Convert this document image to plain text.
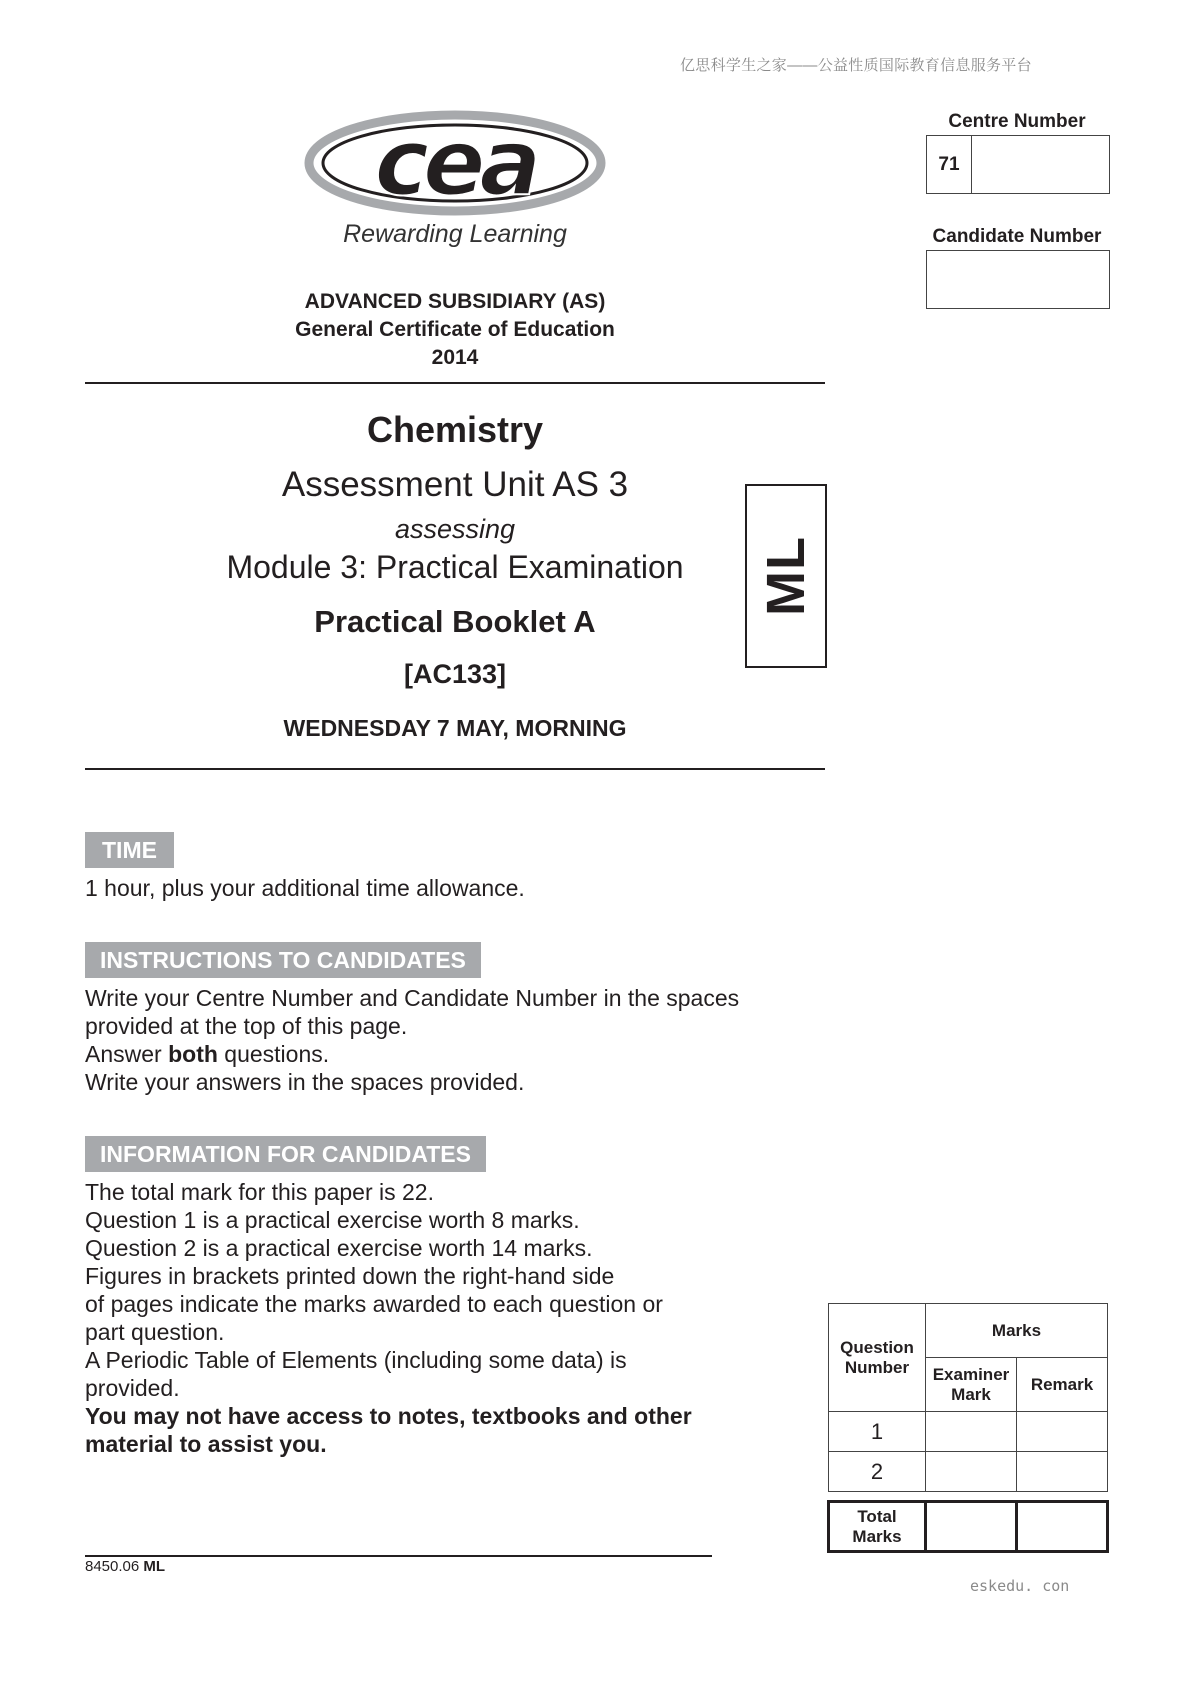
亿思科学生之家——公益性质国际教育信息服务平台
eskedu. con
cea
Rewarding Learning
Centre Number
71
Candidate Number
ADVANCED SUBSIDIARY (AS)
General Certificate of Education
2014
Chemistry
Assessment Unit AS 3
assessing
Module 3: Practical Examination
Practical Booklet A
[AC133]
WEDNESDAY 7 MAY, MORNING
ML
TIME
1 hour, plus your additional time allowance.
INSTRUCTIONS TO CANDIDATES
Write your Centre Number and Candidate Number in the spaces
provided at the top of this page.
Answer both questions.
Write your answers in the spaces provided.
INFORMATION FOR CANDIDATES
The total mark for this paper is 22.
Question 1 is a practical exercise worth 8 marks.
Question 2 is a practical exercise worth 14 marks.
Figures in brackets printed down the right-hand side
of pages indicate the marks awarded to each question or
part question.
A Periodic Table of Elements (including some data) is
provided.
You may not have access to notes, textbooks and other
material to assist you.
Question Number	Marks	
	Examiner Mark	Remark
1		
2		

Total Marks		
8450.06 ML
